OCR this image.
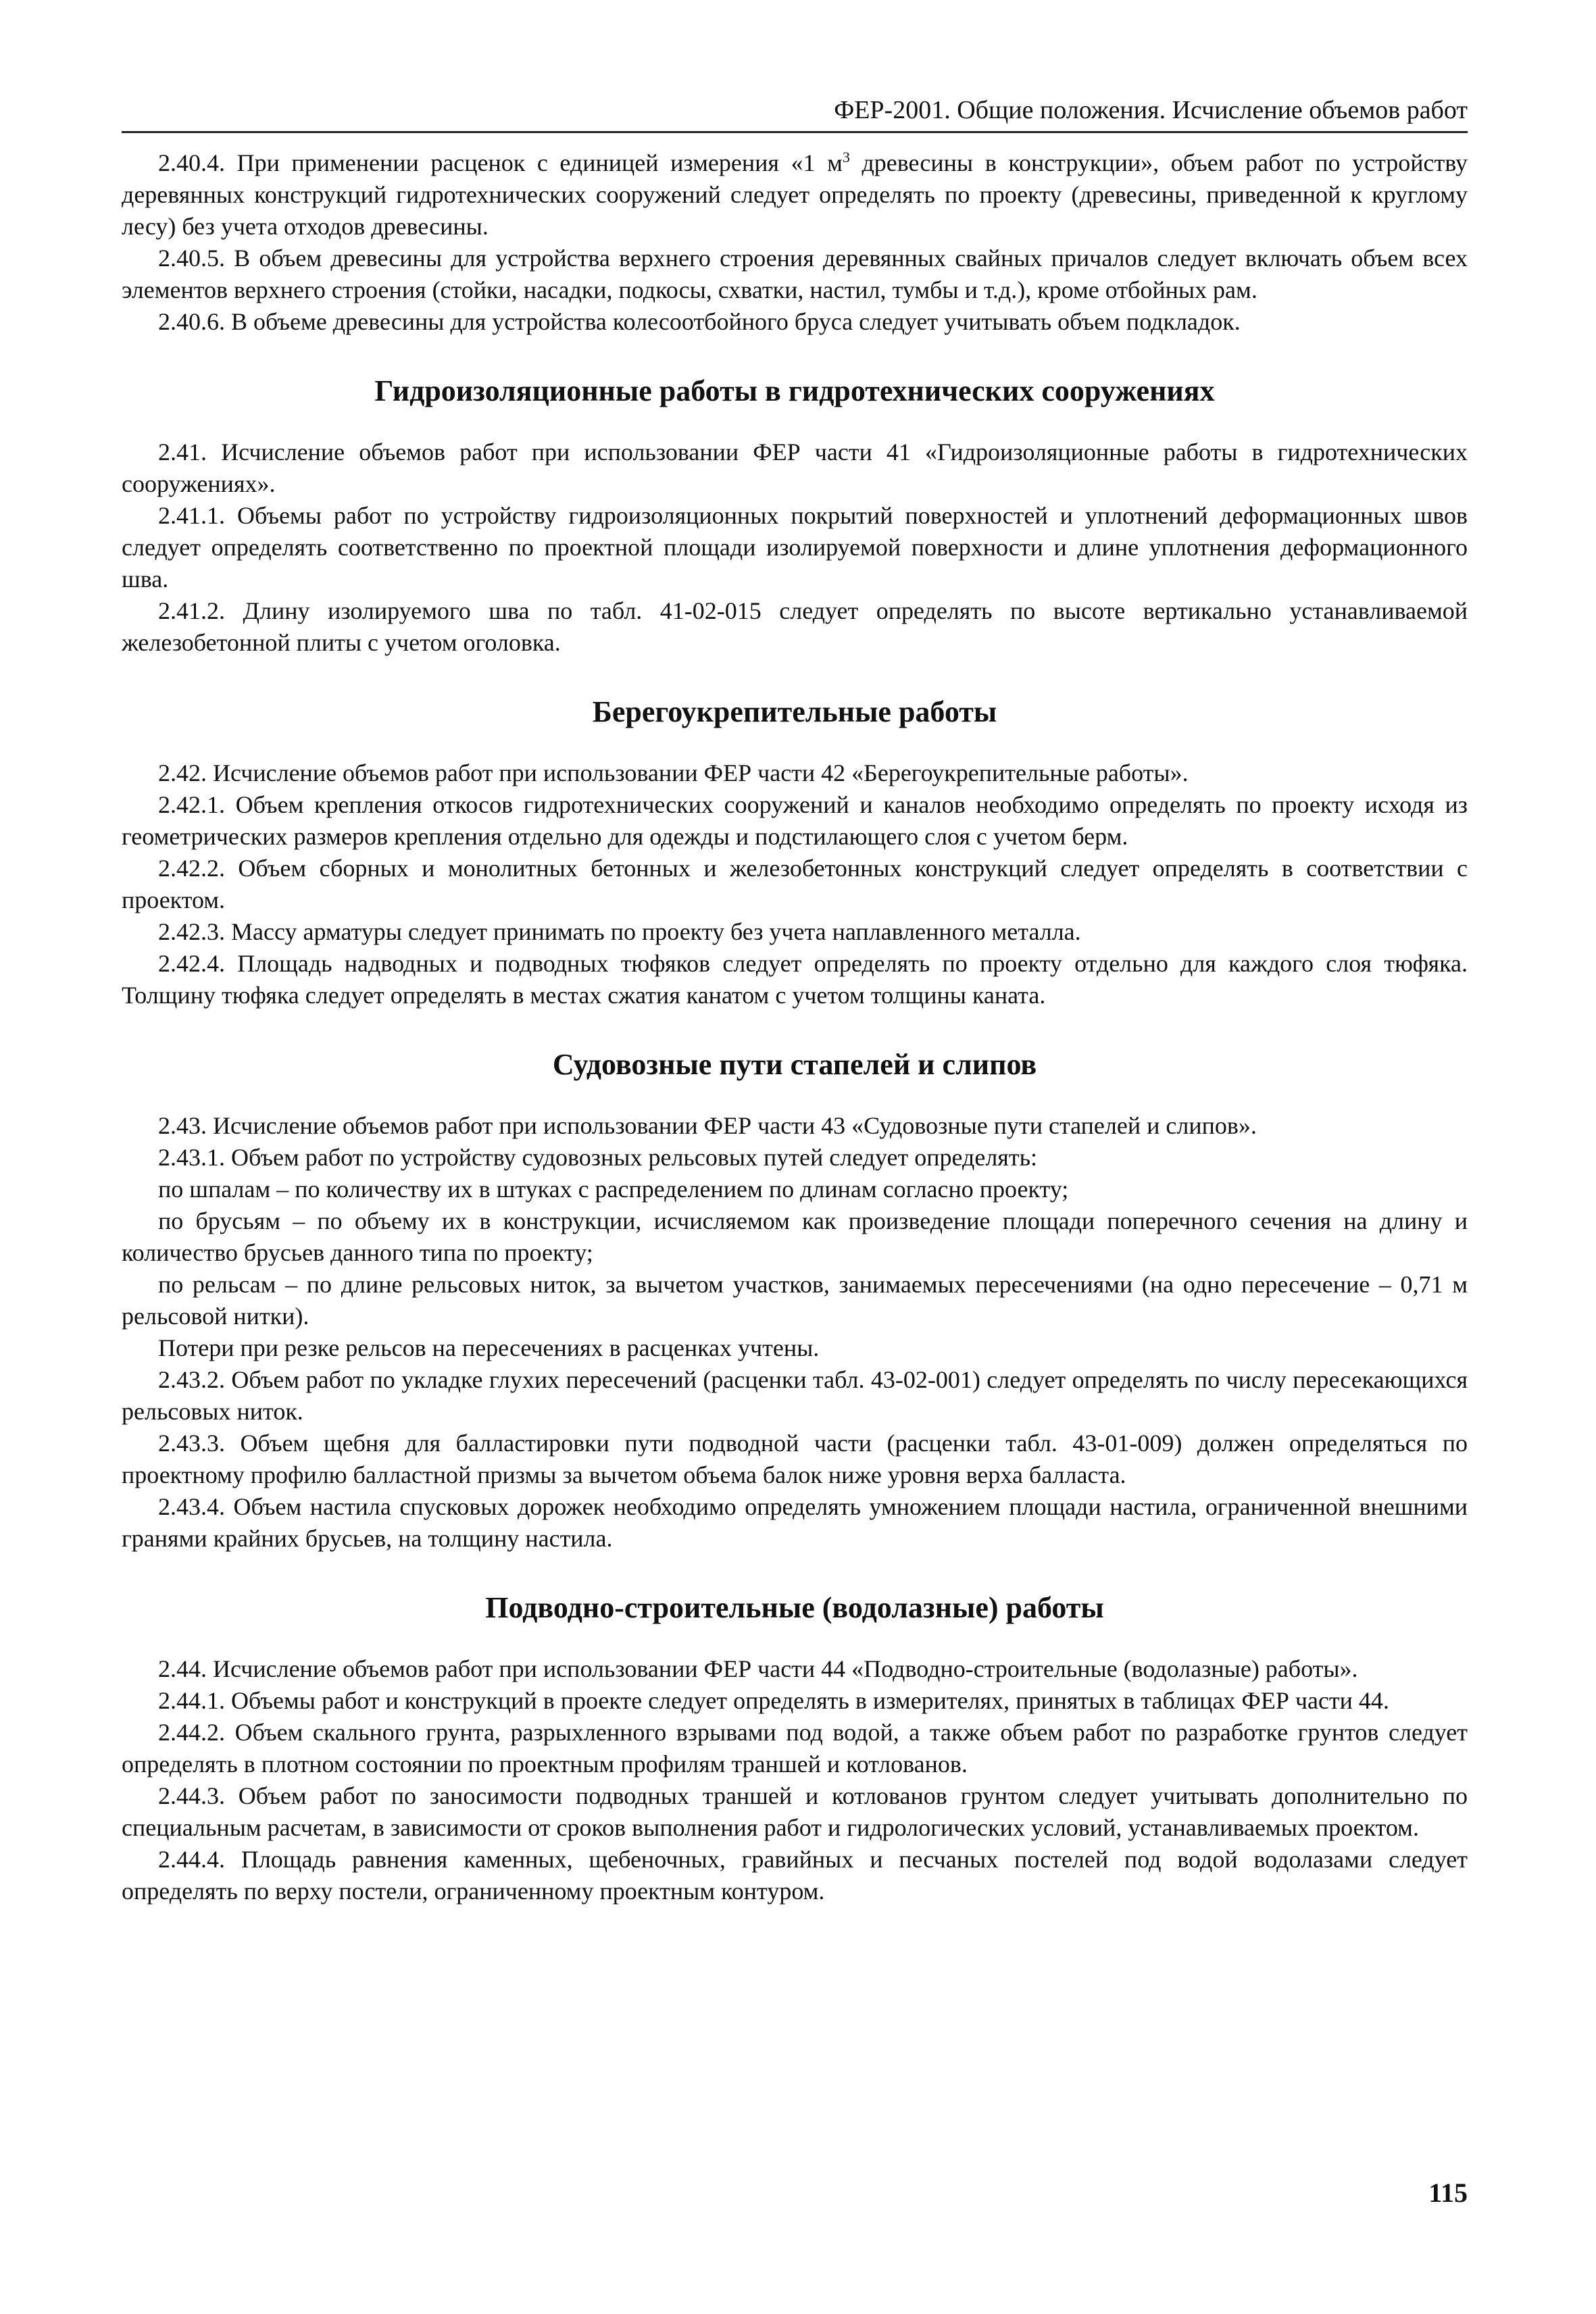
ФЕР-2001. Общие положения. Исчисление объемов работ

2.40.4. При применении расценок с единицей измерения «1 $м^3$ древесины в конструкции», объем работ по устройству деревянных конструкций гидротехнических сооружений следует определять по проекту (древесины, приведенной к круглому лесу) без учета отходов древесины.

2.40.5. В объем древесины для устройства верхнего строения деревянных свайных причалов следует включать объем всех элементов верхнего строения (стойки, насадки, подкосы, схватки, настил, тумбы и т.д.), кроме отбойных рам.

2.40.6. В объеме древесины для устройства колесоотбойного бруса следует учитывать объем подкладок.

Гидроизоляционные работы в гидротехнических сооружениях

2.41. Исчисление объемов работ при использовании ФЕР части 41 «Гидроизоляционные работы в гидротехнических сооружениях».

2.41.1. Объемы работ по устройству гидроизоляционных покрытий поверхностей и уплотнений деформационных швов следует определять соответственно по проектной площади изолируемой поверхности и длине уплотнения деформационного шва.

2.41.2. Длину изолируемого шва по табл. 41-02-015 следует определять по высоте вертикально устанавливаемой железобетонной плиты с учетом оголовка.

Берегоукрепительные работы

2.42. Исчисление объемов работ при использовании ФЕР части 42 «Берегоукрепительные работы».

2.42.1. Объем крепления откосов гидротехнических сооружений и каналов необходимо определять по проекту исходя из геометрических размеров крепления отдельно для одежды и подстилающего слоя с учетом берм.

2.42.2. Объем сборных и монолитных бетонных и железобетонных конструкций следует определять в соответствии с проектом.

2.42.3. Массу арматуры следует принимать по проекту без учета наплавленного металла.

2.42.4. Площадь надводных и подводных тюфяков следует определять по проекту отдельно для каждого слоя тюфяка. Толщину тюфяка следует определять в местах сжатия канатом с учетом толщины каната.

Судовозные пути стапелей и слипов

2.43. Исчисление объемов работ при использовании ФЕР части 43 «Судовозные пути стапелей и слипов».

2.43.1. Объем работ по устройству судовозных рельсовых путей следует определять:

по шпалам – по количеству их в штуках с распределением по длинам согласно проекту;

по брусьям – по объему их в конструкции, исчисляемом как произведение площади поперечного сечения на длину и количество брусьев данного типа по проекту;

по рельсам – по длине рельсовых ниток, за вычетом участков, занимаемых пересечениями (на одно пересечение – 0,71 м рельсовой нитки).

Потери при резке рельсов на пересечениях в расценках учтены.

2.43.2. Объем работ по укладке глухих пересечений (расценки табл. 43-02-001) следует определять по числу пересекающихся рельсовых ниток.

2.43.3. Объем щебня для балластировки пути подводной части (расценки табл. 43-01-009) должен определяться по проектному профилю балластной призмы за вычетом объема балок ниже уровня верха балласта.

2.43.4. Объем настила спусковых дорожек необходимо определять умножением площади настила, ограниченной внешними гранями крайних брусьев, на толщину настила.

Подводно-строительные (водолазные) работы

2.44. Исчисление объемов работ при использовании ФЕР части 44 «Подводно-строительные (водолазные) работы».

2.44.1. Объемы работ и конструкций в проекте следует определять в измерителях, принятых в таблицах ФЕР части 44.

2.44.2. Объем скального грунта, разрыхленного взрывами под водой, а также объем работ по разработке грунтов следует определять в плотном состоянии по проектным профилям траншей и котлованов.

2.44.3. Объем работ по заносимости подводных траншей и котлованов грунтом следует учитывать дополнительно по специальным расчетам, в зависимости от сроков выполнения работ и гидрологических условий, устанавливаемых проектом.

2.44.4. Площадь равнения каменных, щебеночных, гравийных и песчаных постелей под водой водолазами следует определять по верху постели, ограниченному проектным контуром.

115
